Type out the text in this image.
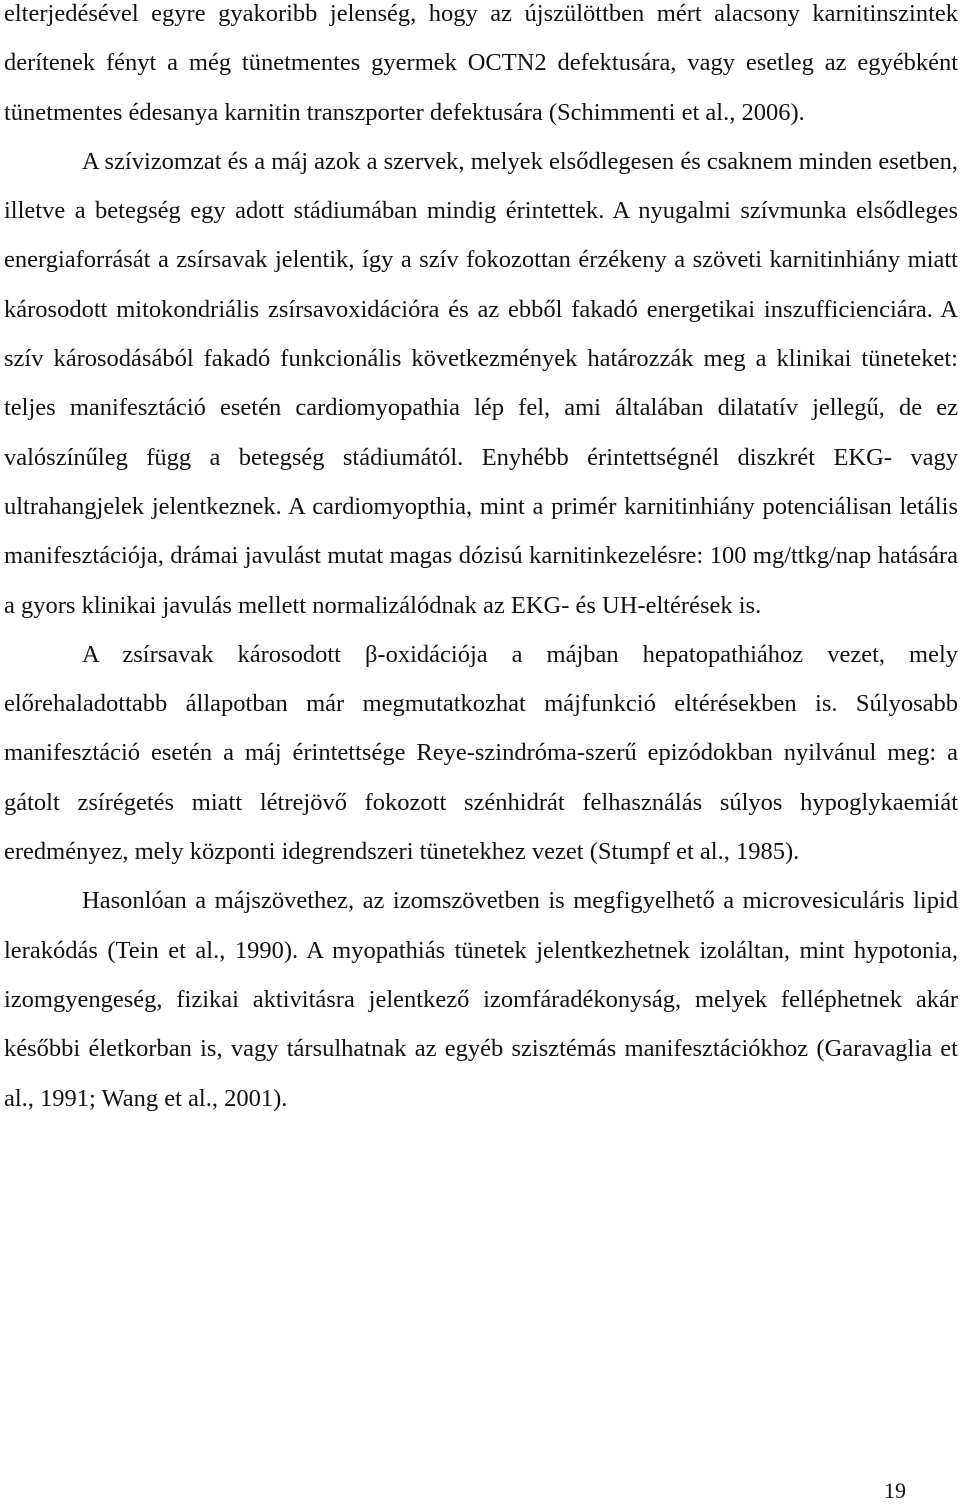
elterjedésével egyre gyakoribb jelenség, hogy az újszülöttben mért alacsony karnitinszintek derítenek fényt a még tünetmentes gyermek OCTN2 defektusára, vagy esetleg az egyébként tünetmentes édesanya karnitin transzporter defektusára (Schimmenti et al., 2006).

A szívizomzat és a máj azok a szervek, melyek elsődlegesen és csaknem minden esetben, illetve a betegség egy adott stádiumában mindig érintettek. A nyugalmi szívmunka elsődleges energiaforrását a zsírsavak jelentik, így a szív fokozottan érzékeny a szöveti karnitinhiány miatt károsodott mitokondriális zsírsavoxidációra és az ebből fakadó energetikai inszufficienciára. A szív károsodásából fakadó funkcionális következmények határozzák meg a klinikai tüneteket: teljes manifesztáció esetén cardiomyopathia lép fel, ami általában dilatatív jellegű, de ez valószínűleg függ a betegség stádiumától. Enyhébb érintettségnél diszkrét EKG- vagy ultrahangjelek jelentkeznek. A cardiomyopthia, mint a primér karnitinhiány potenciálisan letális manifesztációja, drámai javulást mutat magas dózisú karnitinkezelésre: 100 mg/ttkg/nap hatására a gyors klinikai javulás mellett normalizálódnak az EKG- és UH-eltérések is.

A zsírsavak károsodott β-oxidációja a májban hepatopathiához vezet, mely előrehaladottabb állapotban már megmutatkozhat májfunkció eltérésekben is. Súlyosabb manifesztáció esetén a máj érintettsége Reye-szindróma-szerű epizódokban nyilvánul meg: a gátolt zsírégetés miatt létrejövő fokozott szénhidrát felhasználás súlyos hypoglykaemiát eredményez, mely központi idegrendszeri tünetekhez vezet (Stumpf et al., 1985).

Hasonlóan a májszövethez, az izomszövetben is megfigyelhető a microvesiculáris lipid lerakódás (Tein et al., 1990). A myopathiás tünetek jelentkezhetnek izoláltan, mint hypotonia, izomgyengeség, fizikai aktivitásra jelentkező izomfáradékonyság, melyek felléphetnek akár későbbi életkorban is, vagy társulhatnak az egyéb szisztémás manifesztációkhoz (Garavaglia et al., 1991; Wang et al., 2001).

19
